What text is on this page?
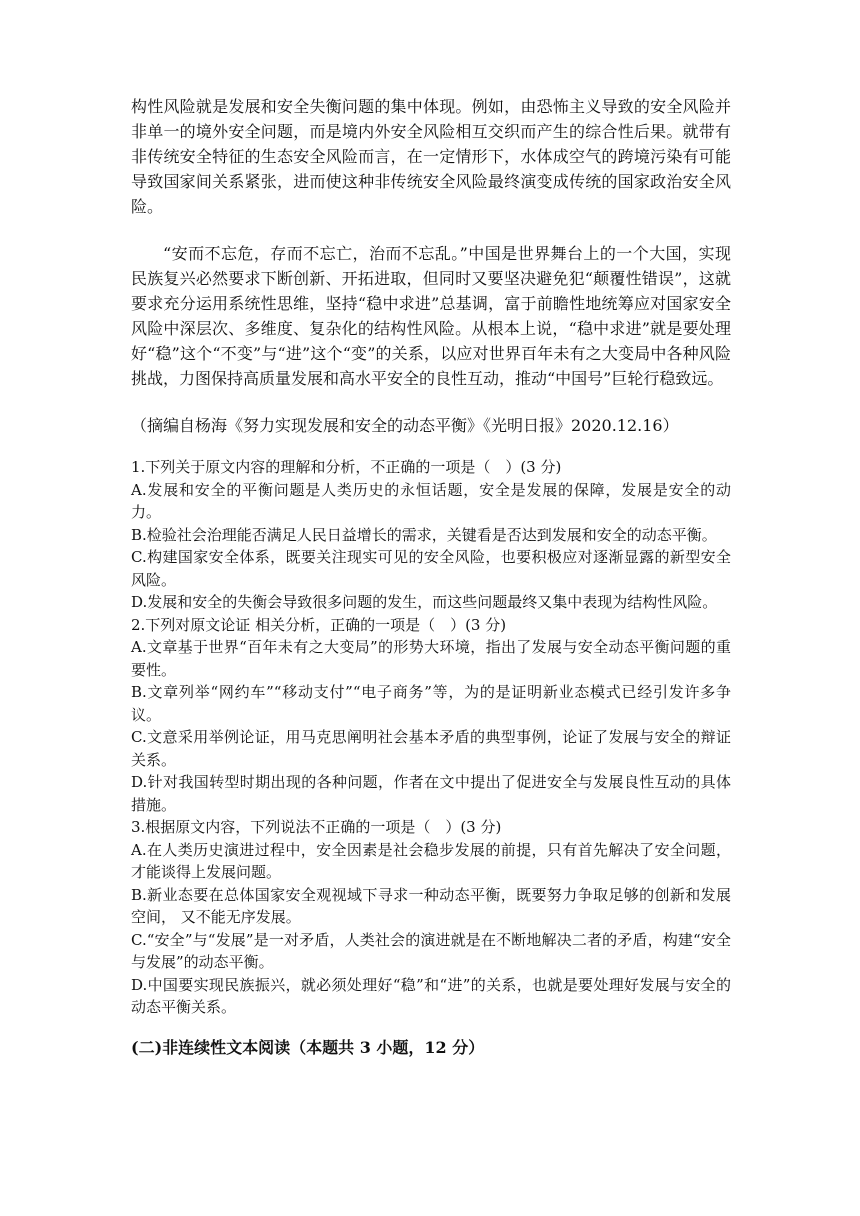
构性风险就是发展和安全失衡问题的集中体现。例如，由恐怖主义导致的安全风险并非单一的境外安全问题，而是境内外安全风险相互交织而产生的综合性后果。就带有非传统安全特征的生态安全风险而言，在一定情形下，水体成空气的跨境污染有可能导致国家间关系紧张，进而使这种非传统安全风险最终演变成传统的国家政治安全风险。

“安而不忘危，存而不忘亡，治而不忘乱。”中国是世界舞台上的一个大国，实现民族复兴必然要求下断创新、开拓进取，但同时又要坚决避免犯“颠覆性错误”，这就要求充分运用系统性思维，坚持“稳中求进”总基调，富于前瞻性地统筹应对国家安全风险中深层次、多维度、复杂化的结构性风险。从根本上说，“稳中求进”就是要处理好“稳”这个“不变”与“进”这个“变”的关系，以应对世界百年未有之大变局中各种风险挑战，力图保持高质量发展和高水平安全的良性互动，推动“中国号”巨轮行稳致远。

（摘编自杨海《努力实现发展和安全的动态平衡》《光明日报》2020.12.16）

1.下列关于原文内容的理解和分析，不正确的一项是（　）(3 分)

A.发展和安全的平衡问题是人类历史的永恒话题，安全是发展的保障，发展是安全的动力。

B.检验社会治理能否满足人民日益增长的需求，关键看是否达到发展和安全的动态平衡。

C.构建国家安全体系，既要关注现实可见的安全风险，也要积极应对逐渐显露的新型安全风险。

D.发展和安全的失衡会导致很多问题的发生，而这些问题最终又集中表现为结构性风险。

2.下列对原文论证 相关分析，正确的一项是（　）(3 分)

A.文章基于世界“百年未有之大变局”的形势大环境，指出了发展与安全动态平衡问题的重要性。

B.文章列举“网约车”“移动支付”“电子商务”等，为的是证明新业态模式已经引发许多争议。

C.文意采用举例论证，用马克思阐明社会基本矛盾的典型事例，论证了发展与安全的辩证关系。

D.针对我国转型时期出现的各种问题，作者在文中提出了促进安全与发展良性互动的具体措施。

3.根据原文内容，下列说法不正确的一项是（　）(3 分)

A.在人类历史演进过程中，安全因素是社会稳步发展的前提，只有首先解决了安全问题，才能谈得上发展问题。

B.新业态要在总体国家安全观视域下寻求一种动态平衡，既要努力争取足够的创新和发展空间， 又不能无序发展。

C.“安全”与“发展”是一对矛盾，人类社会的演进就是在不断地解决二者的矛盾，构建“安全与发展”的动态平衡。

D.中国要实现民族振兴，就必须处理好“稳”和“进”的关系，也就是要处理好发展与安全的动态平衡关系。

(二)非连续性文本阅读（本题共 3 小题，12 分）
